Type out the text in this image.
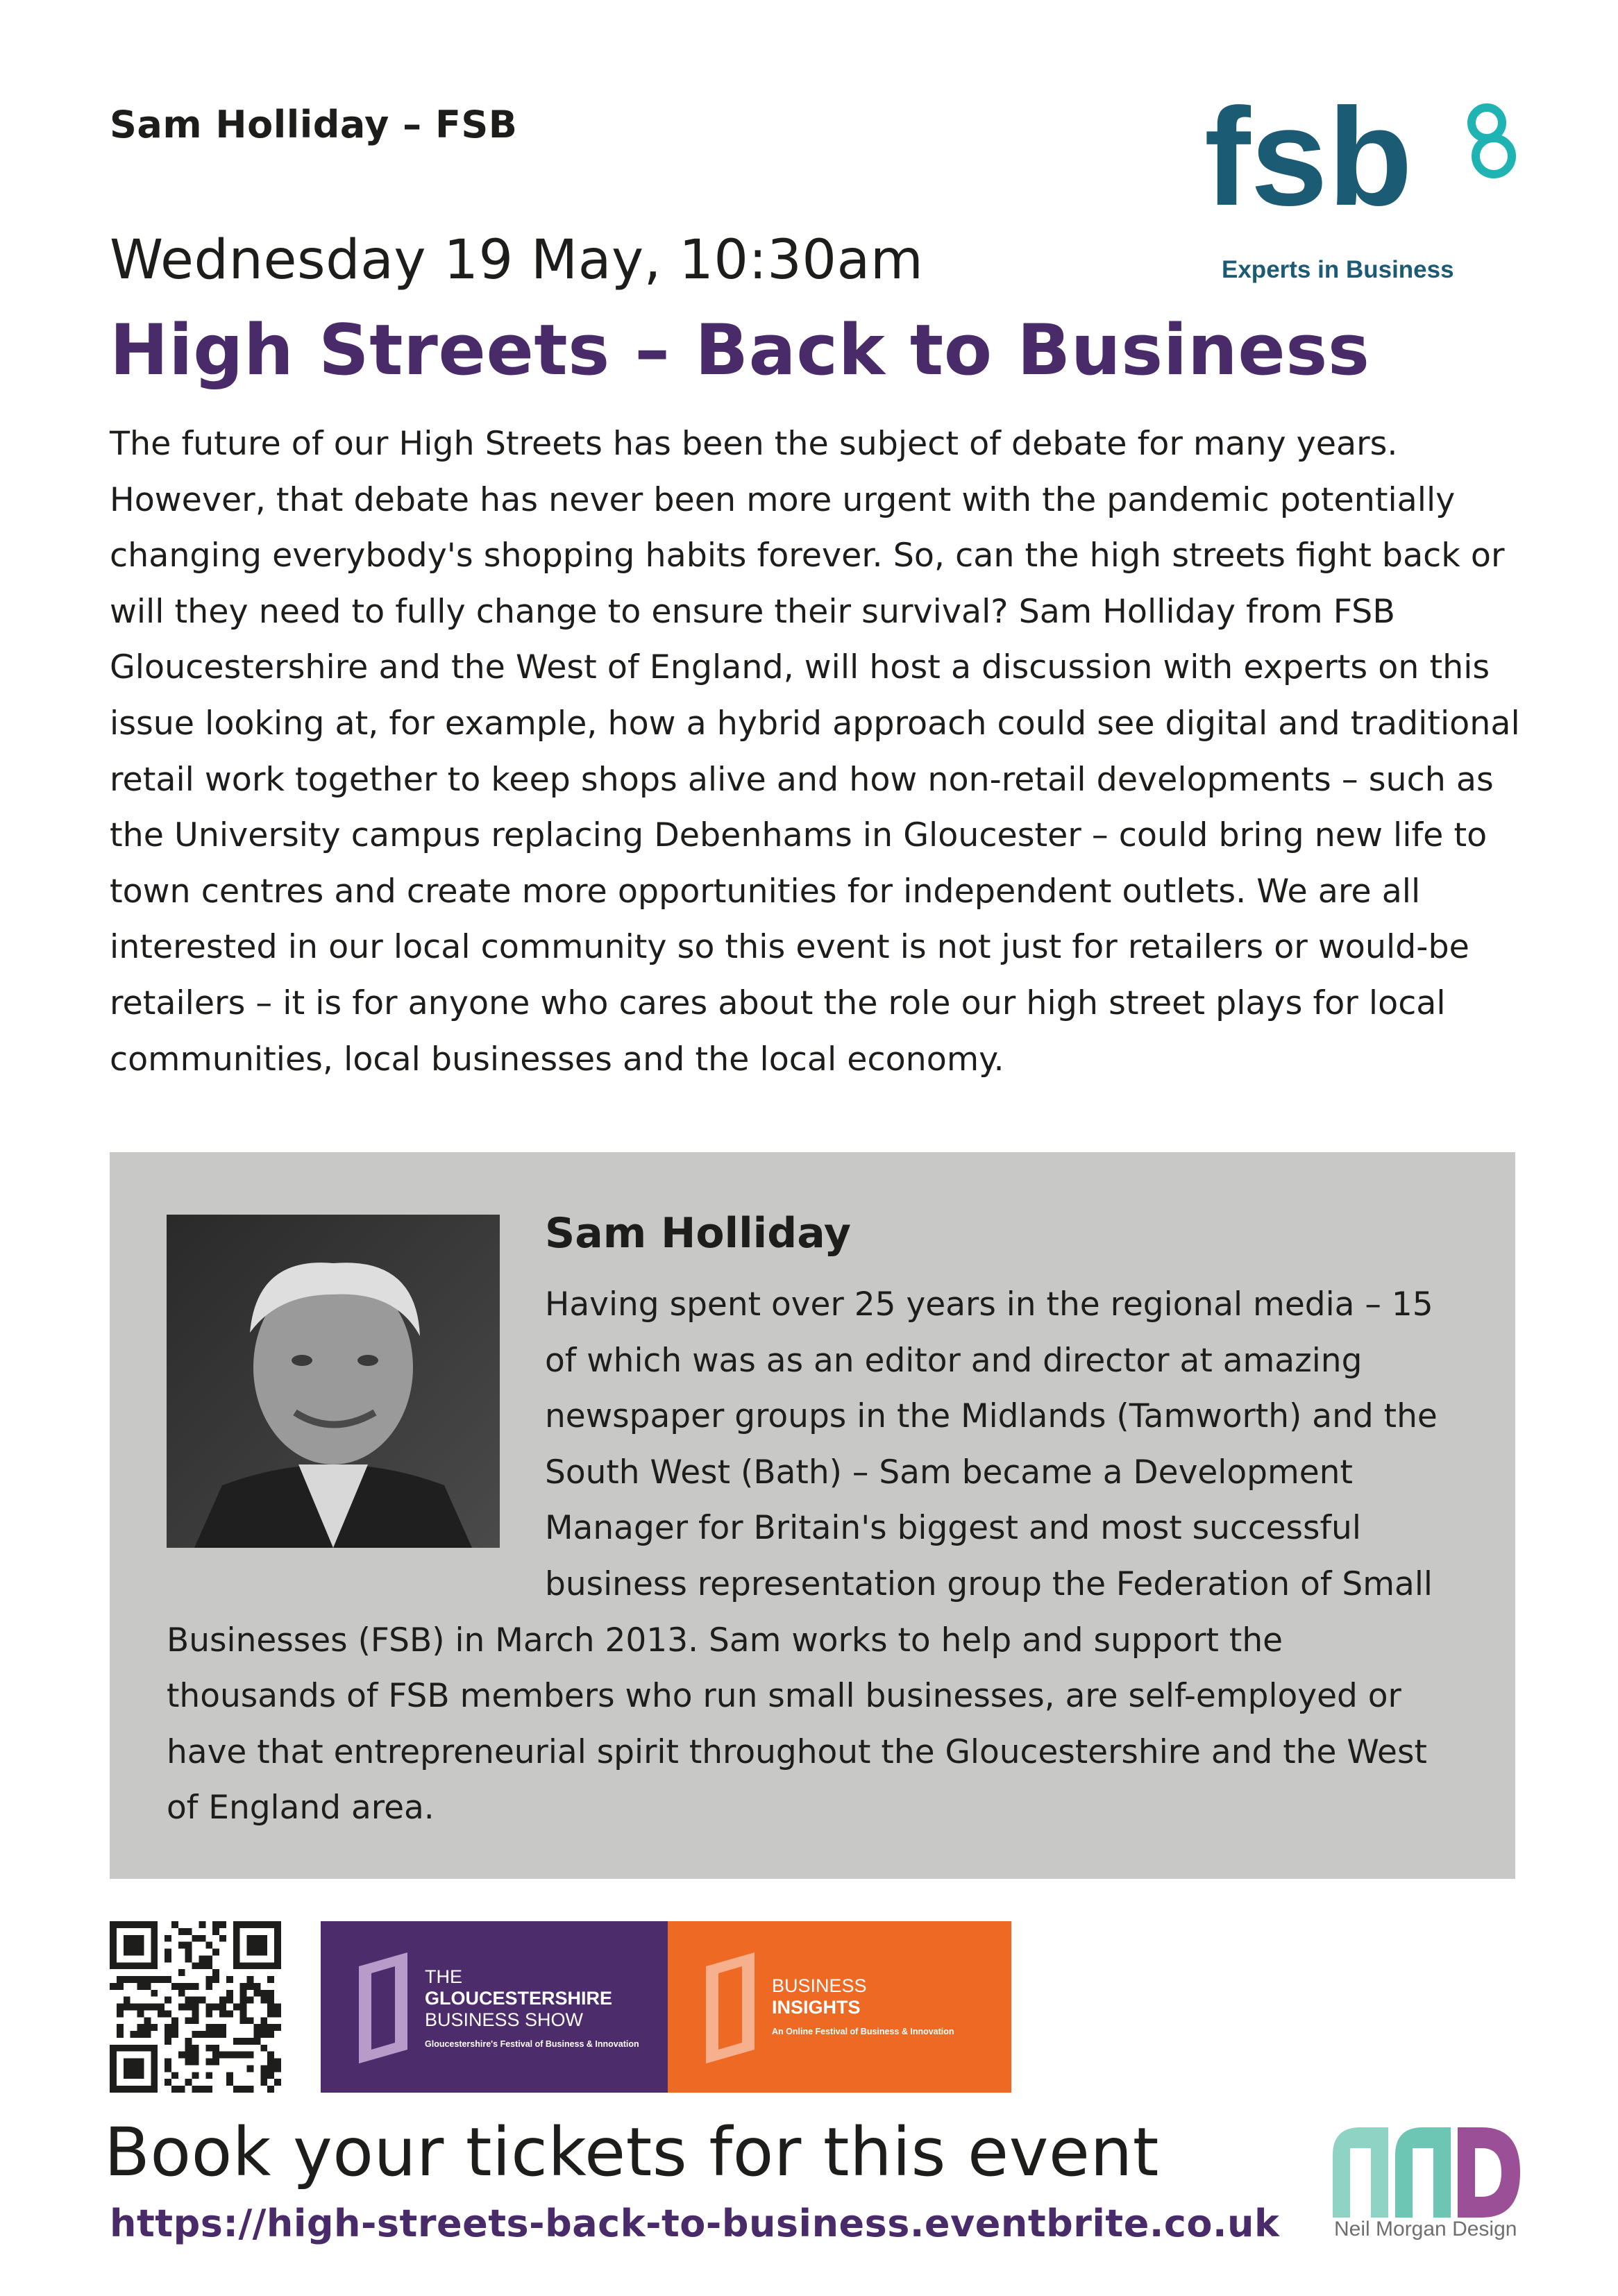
Sam Holliday – FSB	fsb
Experts in Business
Wednesday 19 May, 10:30am
High Streets – Back to Business

The future of our High Streets has been the subject of debate for many years. However, that debate has never been more urgent with the pandemic potentially changing everybody's shopping habits forever. So, can the high streets fight back or will they need to fully change to ensure their survival? Sam Holliday from FSB Gloucestershire and the West of England, will host a discussion with experts on this issue looking at, for example, how a hybrid approach could see digital and traditional retail work together to keep shops alive and how non-retail developments – such as the University campus replacing Debenhams in Gloucester – could bring new life to town centres and create more opportunities for independent outlets. We are all interested in our local community so this event is not just for retailers or would-be retailers – it is for anyone who cares about the role our high street plays for local communities, local businesses and the local economy.

Sam Holliday
Having spent over 25 years in the regional media – 15 of which was as an editor and director at amazing newspaper groups in the Midlands (Tamworth) and the South West (Bath) – Sam became a Development Manager for Britain's biggest and most successful business representation group the Federation of Small Businesses (FSB) in March 2013. Sam works to help and support the thousands of FSB members who run small businesses, are self-employed or have that entrepreneurial spirit throughout the Gloucestershire and the West of England area.
THE
GLOUCESTERSHIRE
BUSINESS SHOW
Gloucestershire's Festival of Business & Innovation
BUSINESS
INSIGHTS
An Online Festival of Business & Innovation
Book your tickets for this event
https://high-streets-back-to-business.eventbrite.co.uk	Neil Morgan Design
